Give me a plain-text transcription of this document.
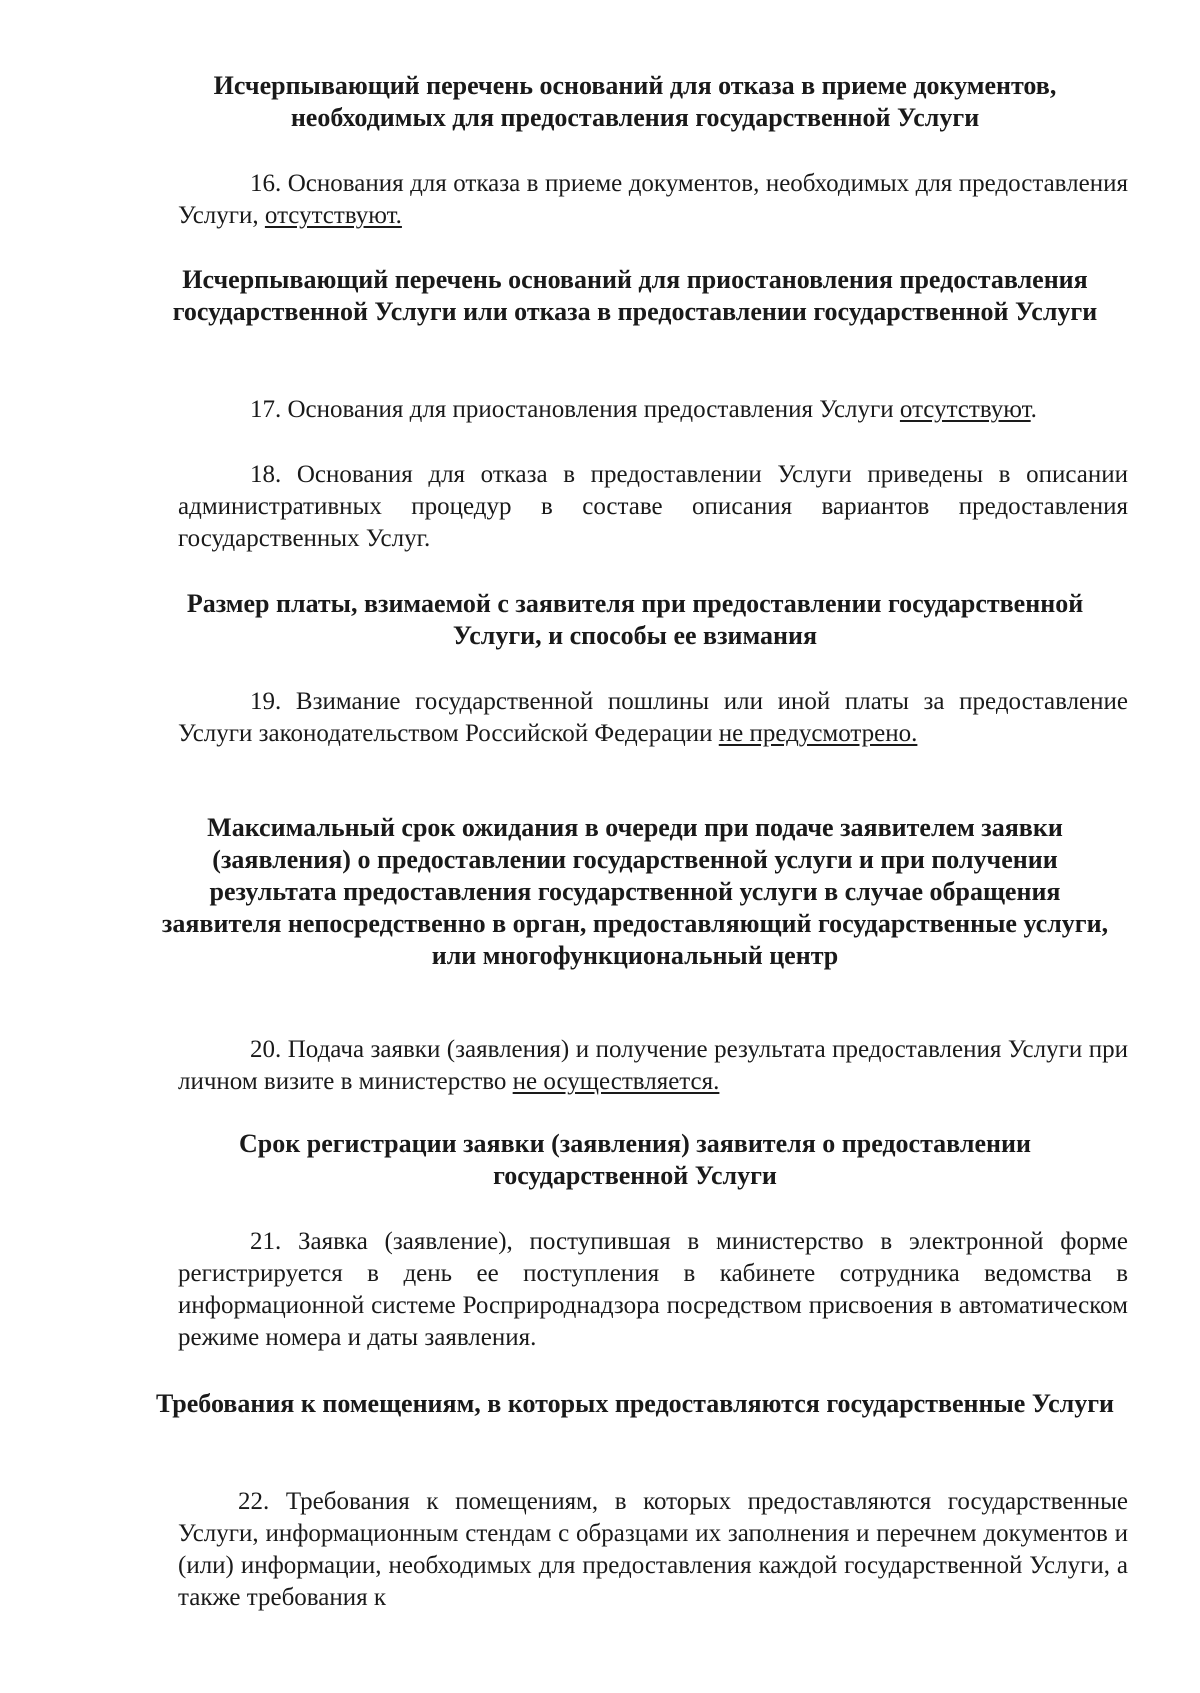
Исчерпывающий перечень оснований для отказа в приеме документов, необходимых для предоставления государственной Услуги

16. Основания для отказа в приеме документов, необходимых для предоставления Услуги, отсутствуют.

Исчерпывающий перечень оснований для приостановления предоставления государственной Услуги или отказа в предоставлении государственной Услуги

17. Основания для приостановления предоставления Услуги отсутствуют.

18. Основания для отказа в предоставлении Услуги приведены в описании административных процедур в составе описания вариантов предоставления государственных Услуг.

Размер платы, взимаемой с заявителя при предоставлении государственной Услуги, и способы ее взимания

19. Взимание государственной пошлины или иной платы за предоставление Услуги законодательством Российской Федерации не предусмотрено.

Максимальный срок ожидания в очереди при подаче заявителем заявки (заявления) о предоставлении государственной услуги и при получении результата предоставления государственной услуги в случае обращения заявителя непосредственно в орган, предоставляющий государственные услуги, или многофункциональный центр

20. Подача заявки (заявления) и получение результата предоставления Услуги при личном визите в министерство не осуществляется.

Срок регистрации заявки (заявления) заявителя о предоставлении государственной Услуги

21. Заявка (заявление), поступившая в министерство в электронной форме регистрируется в день ее поступления в кабинете сотрудника ведомства в информационной системе Росприроднадзора посредством присвоения в автоматическом режиме номера и даты заявления.

Требования к помещениям, в которых предоставляются государственные Услуги

22. Требования к помещениям, в которых предоставляются государственные Услуги, информационным стендам с образцами их заполнения и перечнем документов и (или) информации, необходимых для предоставления каждой государственной Услуги, а также требования к
